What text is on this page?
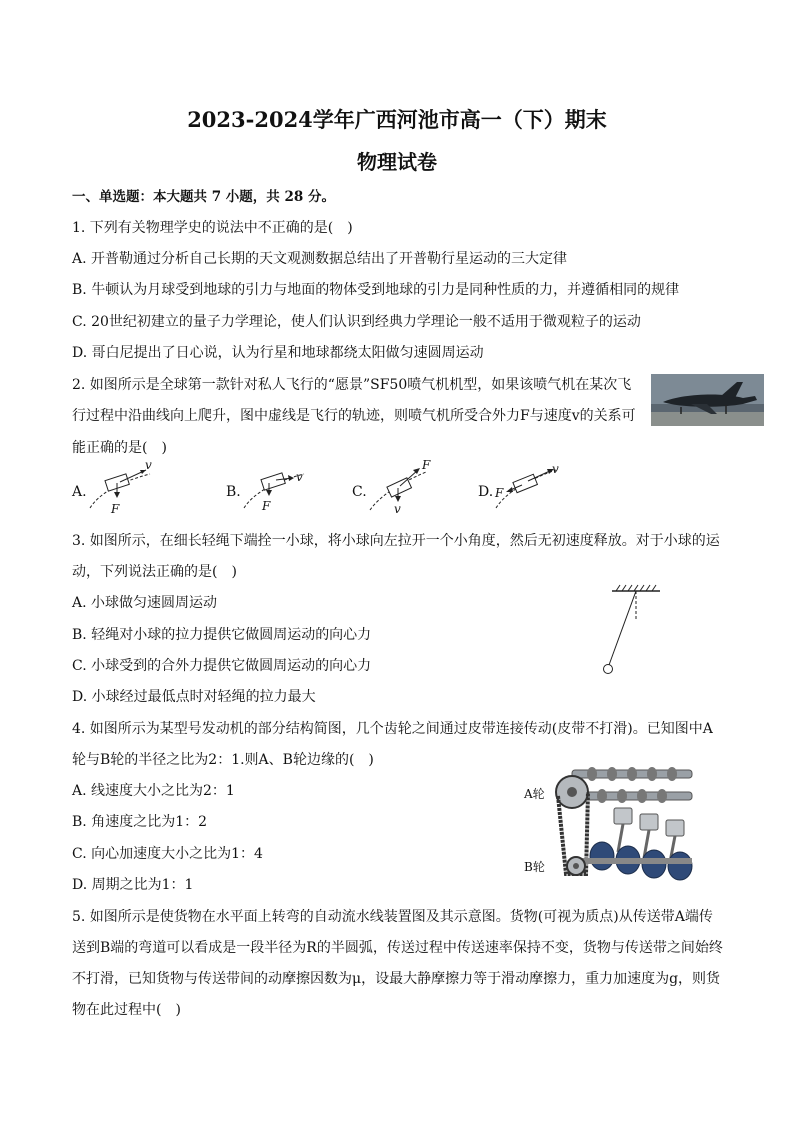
2023-2024学年广西河池市高一（下）期末
物理试卷
一、单选题：本大题共 7 小题，共 28 分。
1. 下列有关物理学史的说法中不正确的是(　)
A. 开普勒通过分析自己长期的天文观测数据总结出了开普勒行星运动的三大定律
B. 牛顿认为月球受到地球的引力与地面的物体受到地球的引力是同种性质的力，并遵循相同的规律
C. 20世纪初建立的量子力学理论，使人们认识到经典力学理论一般不适用于微观粒子的运动
D. 哥白尼提出了日心说，认为行星和地球都绕太阳做匀速圆周运动
2. 如图所示是全球第一款针对私人飞行的“愿景”SF50喷气机机型，如果该喷气机在某次飞
行过程中沿曲线向上爬升，图中虚线是飞行的轨迹，则喷气机所受合外力F与速度v的关系可
能正确的是(　)
A.
v
F
B.
v
F
C.
F
v
D.
v
F
3. 如图所示，在细长轻绳下端拴一小球，将小球向左拉开一个小角度，然后无初速度释放。对于小球的运
动，下列说法正确的是(　)
A. 小球做匀速圆周运动
B. 轻绳对小球的拉力提供它做圆周运动的向心力
C. 小球受到的合外力提供它做圆周运动的向心力
D. 小球经过最低点时对轻绳的拉力最大
4. 如图所示为某型号发动机的部分结构简图，几个齿轮之间通过皮带连接传动(皮带不打滑)。已知图中A
轮与B轮的半径之比为2：1.则A、B轮边缘的(　)
A. 线速度大小之比为2：1
B. 角速度之比为1：2
C. 向心加速度大小之比为1：4
D. 周期之比为1：1
A轮
B轮
5. 如图所示是使货物在水平面上转弯的自动流水线装置图及其示意图。货物(可视为质点)从传送带A端传
送到B端的弯道可以看成是一段半径为R的半圆弧，传送过程中传送速率保持不变，货物与传送带之间始终
不打滑，已知货物与传送带间的动摩擦因数为μ，设最大静摩擦力等于滑动摩擦力，重力加速度为g，则货
物在此过程中(　)
